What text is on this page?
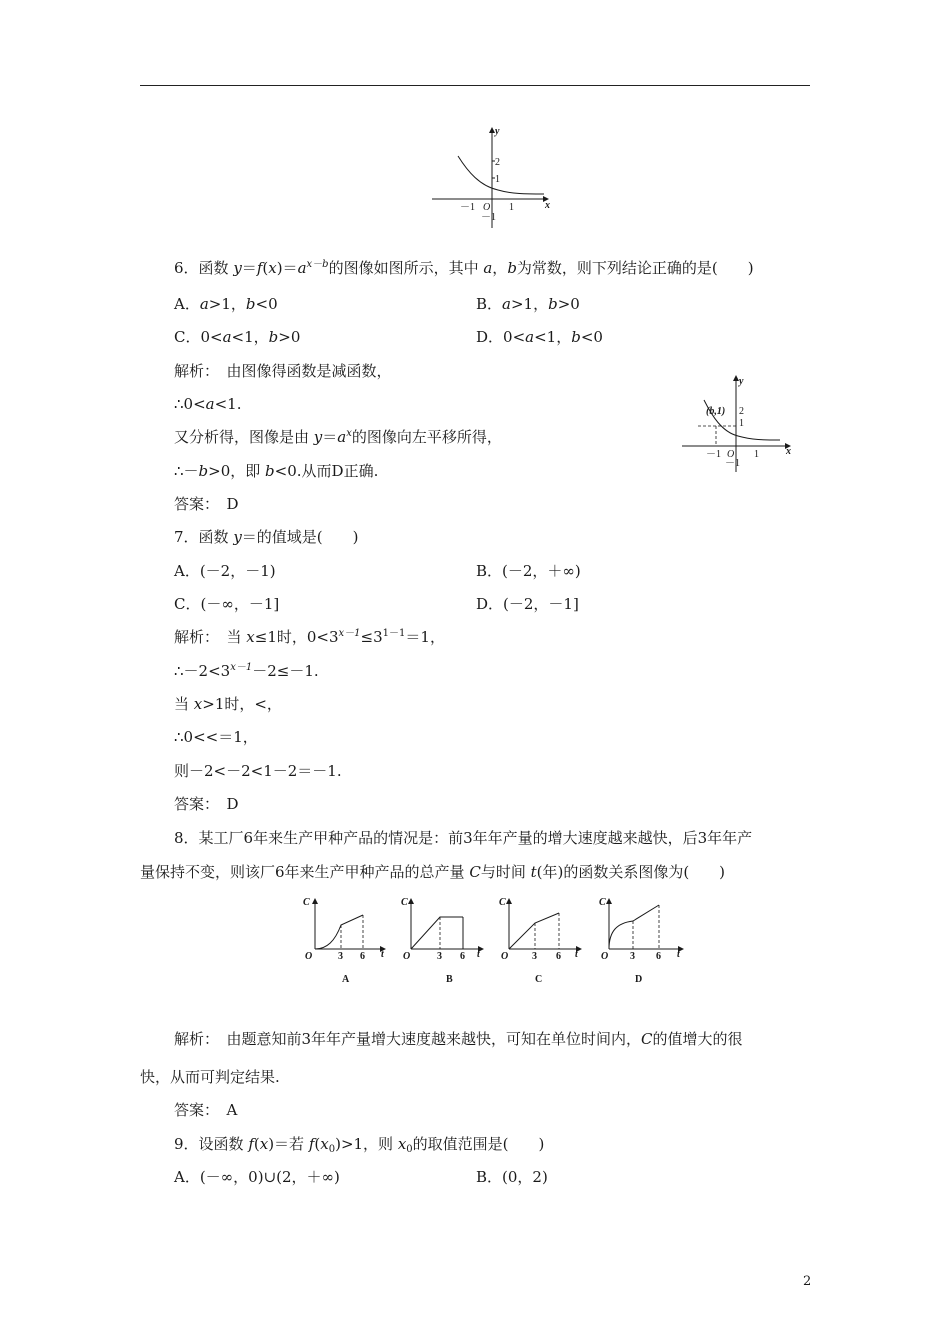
y
x
2
1
－1
O
－1	1
6．函数 $y=f(x)=a^{x-b}$的图像如图所示，其中 a，b为常数，则下列结论正确的是(　　)
A．a>1，b<0	B．a>1，b>0
C．0<a<1，b>0	D．0<a<1，b<0
解析：　由图像得函数是减函数，
∴0<a<1.
又分析得，图像是由 $y=a^x$的图像向左平移所得，
∴－b>0，即 b<0.从而D正确.
答案：　D
y
x
(b,1) 2
1
－1
O
－1	1
7．函数 y＝的值域是(　　)
A．(－2，－1)	B．(－2，＋∞)
C．(－∞，－1]	D．(－2，－1]
解析：　当 x≤1时，$0<3^{x-1}\le 3^{1-1}=1$，
$\therefore-2<3^{x-1}-2\le-1$.
当 x>1时，<，
∴0<<＝1，
则－2<－2<1－2＝－1.
答案：　D
8．某工厂6年来生产甲种产品的情况是：前3年年产量的增大速度越来越快，后3年年产
量保持不变，则该厂6年来生产甲种产品的总产量 C与时间 t(年)的函数关系图像为(　　)
C
O	3 6 t
A
C
O	3 6 t
B
C
O 3 6 t
C
C
O 3 6 t
D
解析：　由题意知前3年年产量增大速度越来越快，可知在单位时间内，C的值增大的很
快，从而可判定结果.
答案：　A
9．设函数 f(x)＝若 $f(x_0)>1$，则 $x_0$的取值范围是(　　)
A．(－∞，0)∪(2，＋∞)	B．(0，2)
2
